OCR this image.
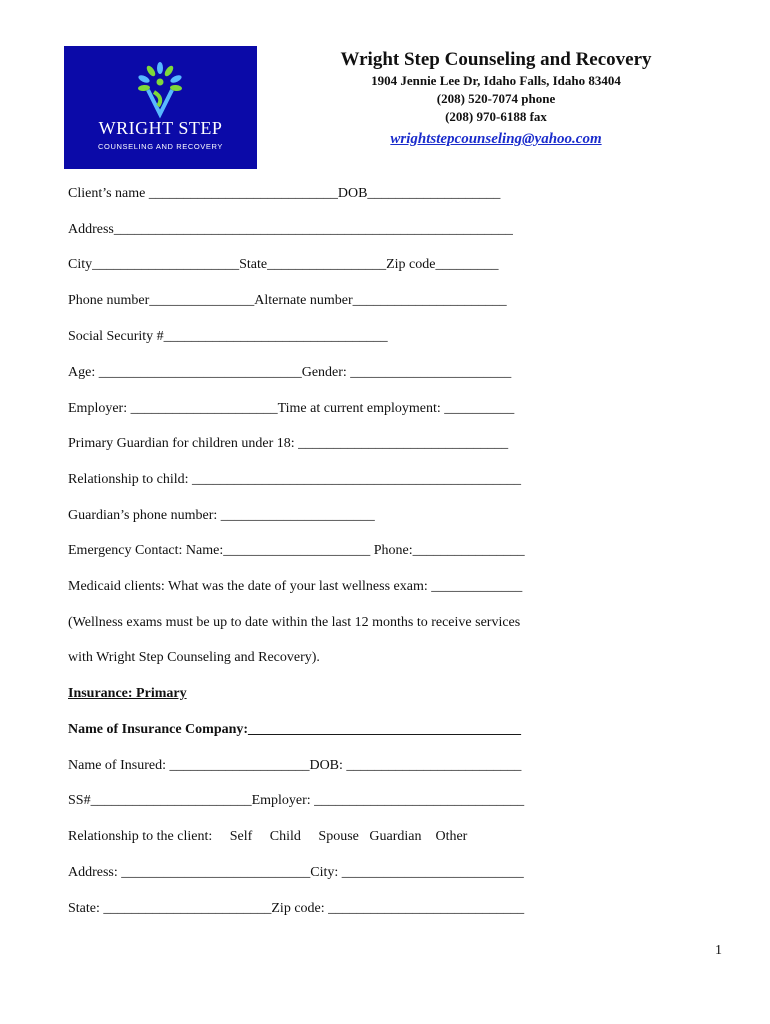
WRIGHT STEP
COUNSELING AND RECOVERY
Wright Step Counseling and Recovery
1904 Jennie Lee Dr, Idaho Falls, Idaho 83404
(208) 520-7074 phone
(208) 970-6188 fax
wrightstepcounseling@yahoo.com
Client’s name ___________________________DOB___________________
Address_________________________________________________________
City_____________________State_________________Zip code_________
Phone number_______________Alternate number______________________
Social Security #________________________________
Age: _____________________________Gender: _______________________
Employer: _____________________Time at current employment: __________
Primary Guardian for children under 18: ______________________________
Relationship to child: _______________________________________________
Guardian’s phone number: ______________________
Emergency Contact: Name:_____________________ Phone:________________
Medicaid clients: What was the date of your last wellness exam: _____________
(Wellness exams must be up to date within the last 12 months to receive services
with Wright Step Counseling and Recovery).
Insurance: Primary
Name of Insurance Company:_______________________________________
Name of Insured: ____________________DOB: _________________________
SS#_______________________Employer: ______________________________
Relationship to the client:     Self     Child     Spouse   Guardian    Other
Address: ___________________________City: __________________________
State: ________________________Zip code: ____________________________
1
